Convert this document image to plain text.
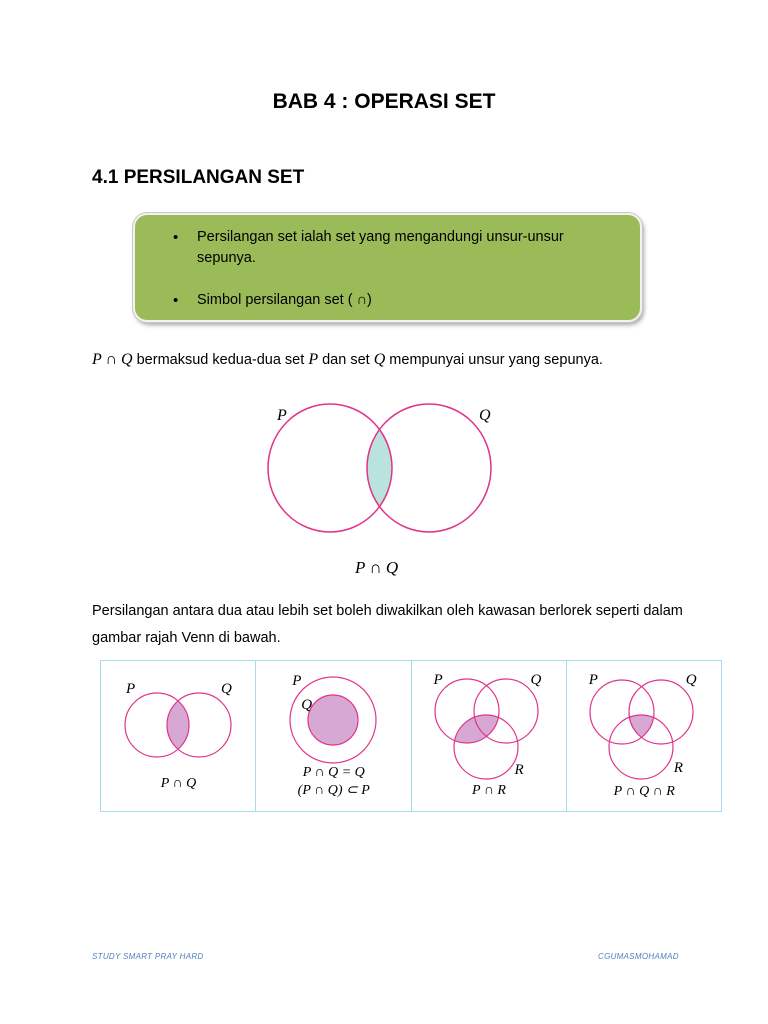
BAB 4 : OPERASI SET
4.1 PERSILANGAN SET
• Persilangan set ialah set yang mengandungi unsur-unsur sepunya.
• Simbol persilangan set ( ∩)
P ∩ Q bermaksud kedua-dua set P dan set Q mempunyai unsur yang sepunya.
P	Q
P ∩ Q
Persilangan antara dua atau lebih set boleh diwakilkan oleh kawasan berlorek seperti dalam gambar rajah Venn di bawah.
P	Q
P ∩ Q
P
Q
P ∩ Q = Q
(P ∩ Q) ⊂ P
P	Q
R
P ∩ R
P	Q
R
P ∩ Q ∩ R
STUDY SMART PRAY HARD	CGUMASMOHAMAD
